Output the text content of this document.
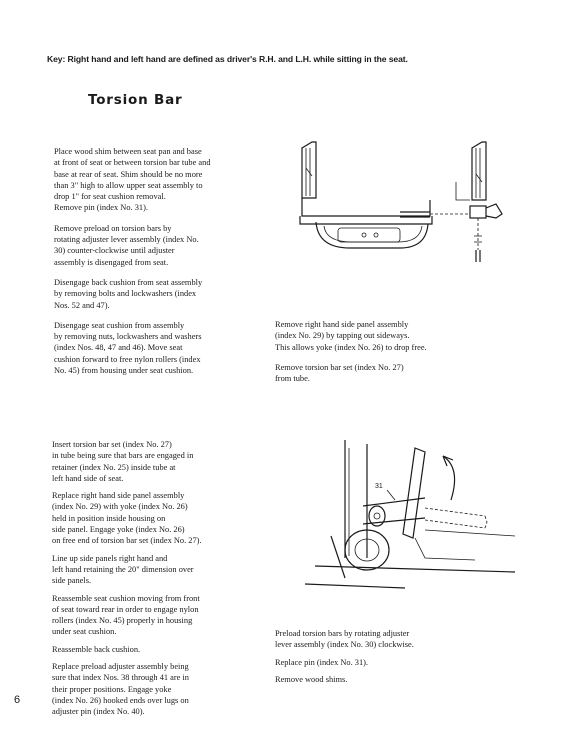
Key: Right hand and left hand are defined as driver's R.H. and L.H. while sitting in the seat.
Torsion Bar

Place wood shim between seat pan and base
at front of seat or between torsion bar tube and
base at rear of seat. Shim should be no more
than 3" high to allow upper seat assembly to
drop 1" for seat cushion removal.
Remove pin (index No. 31).

Remove preload on torsion bars by
rotating adjuster lever assembly (index No.
30) counter-clockwise until adjuster
assembly is disengaged from seat.

Disengage back cushion from seat assembly
by removing bolts and lockwashers (index
Nos. 52 and 47).

Disengage seat cushion from assembly
by removing nuts, lockwashers and washers
(index Nos. 48, 47 and 46). Move seat
cushion forward to free nylon rollers (index
No. 45) from housing under seat cushion.

Remove right hand side panel assembly
(index No. 29) by tapping out sideways.
This allows yoke (index No. 26) to drop free.

Remove torsion bar set (index No. 27)
from tube.

Insert torsion bar set (index No. 27)
in tube being sure that bars are engaged in
retainer (index No. 25) inside tube at
left hand side of seat.

Replace right hand side panel assembly
(index No. 29) with yoke (index No. 26)
held in position inside housing on
side panel. Engage yoke (index No. 26)
on free end of torsion bar set (index No. 27).

Line up side panels right hand and
left hand retaining the 20" dimension over
side panels.

Reassemble seat cushion moving from front
of seat toward rear in order to engage nylon
rollers (index No. 45) properly in housing
under seat cushion.

Reassemble back cushion.

Replace preload adjuster assembly being
sure that index Nos. 38 through 41 are in
their proper positions. Engage yoke
(index No. 26) hooked ends over lugs on
adjuster pin (index No. 40).

Preload torsion bars by rotating adjuster
lever assembly (index No. 30) clockwise.

Replace pin (index No. 31).

Remove wood shims.

31
6
